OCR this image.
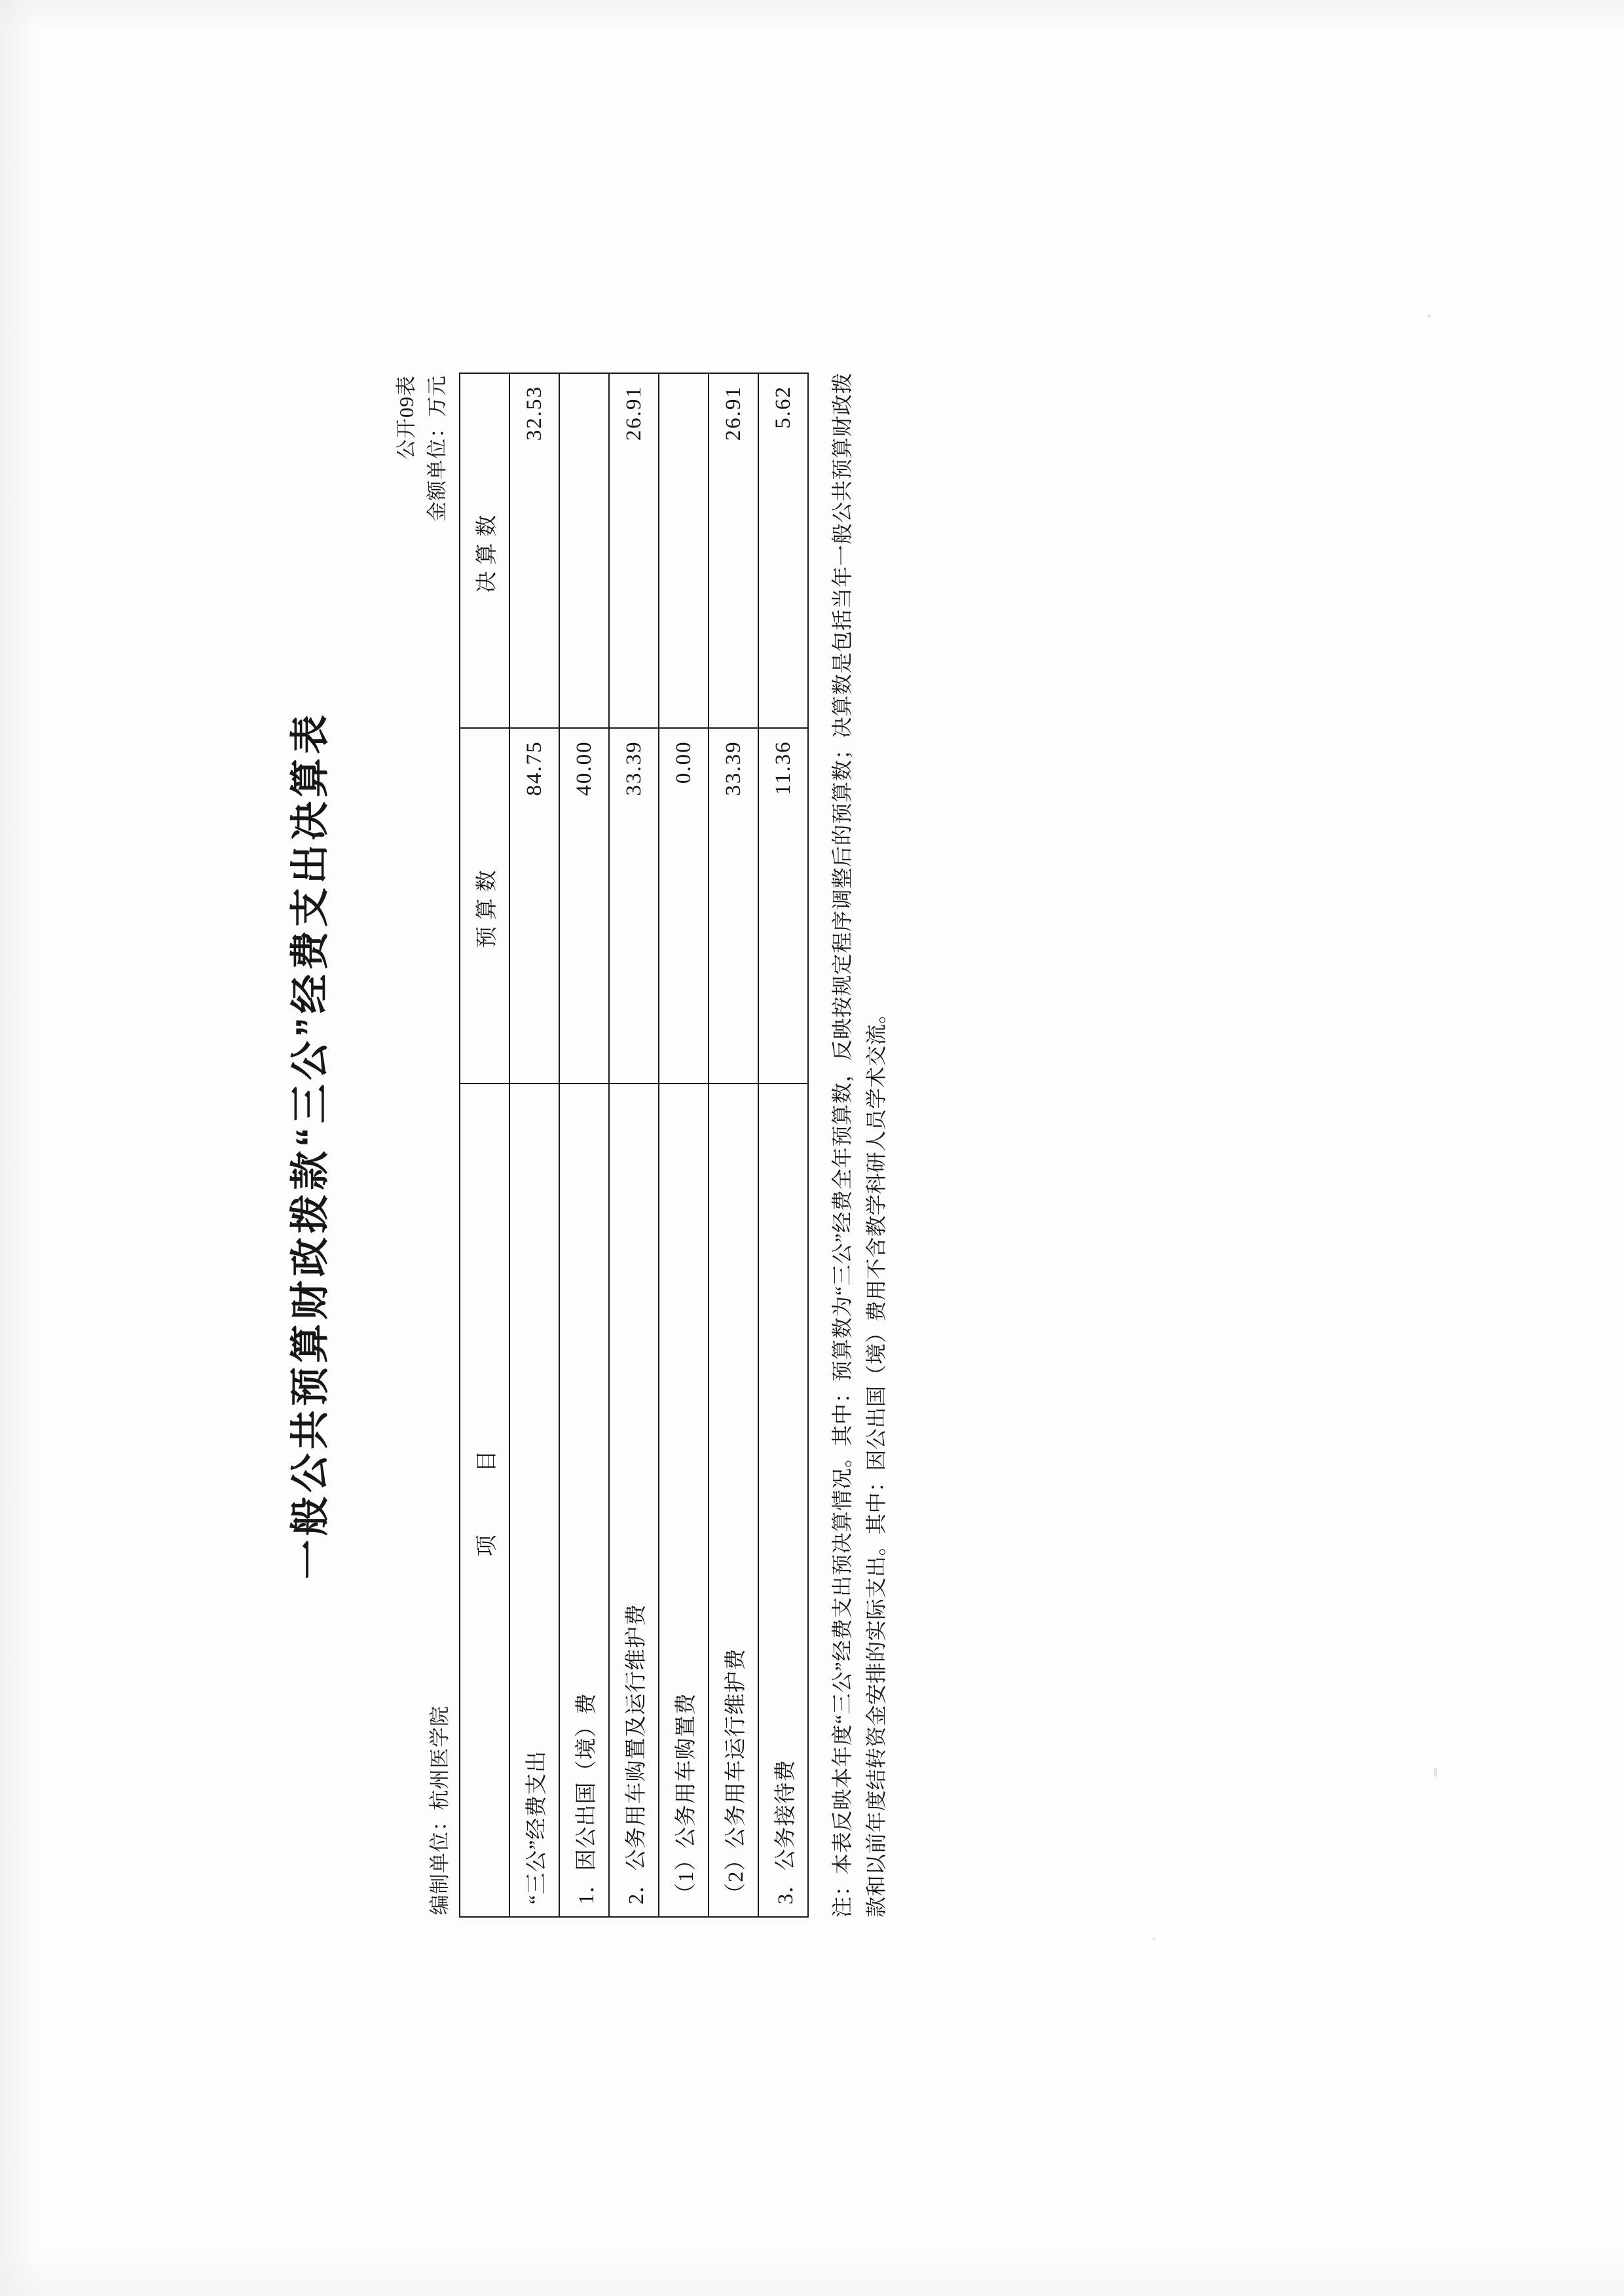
一般公共预算财政拨款“三公”经费支出决算表
编制单位：杭州医学院
公开09表 金额单位：万元
项　　目	预算数	决算数
“三公”经费支出	84.75	32.53
1．因公出国（境）费	40.00	
2．公务用车购置及运行维护费	33.39	26.91
（1）公务用车购置费	0.00	
（2）公务用车运行维护费	33.39	26.91
3．公务接待费	11.36	5.62 注：本表反映本年度“三公”经费支出预决算情况。其中：预算数为“三公”经费全年预算数，反映按规定程序调整后的预算数；决算数是包括当年一般公共预算财政拨款和以前年度结转资金安排的实际支出。其中：因公出国（境）费用不含教学科研人员学术交流。
